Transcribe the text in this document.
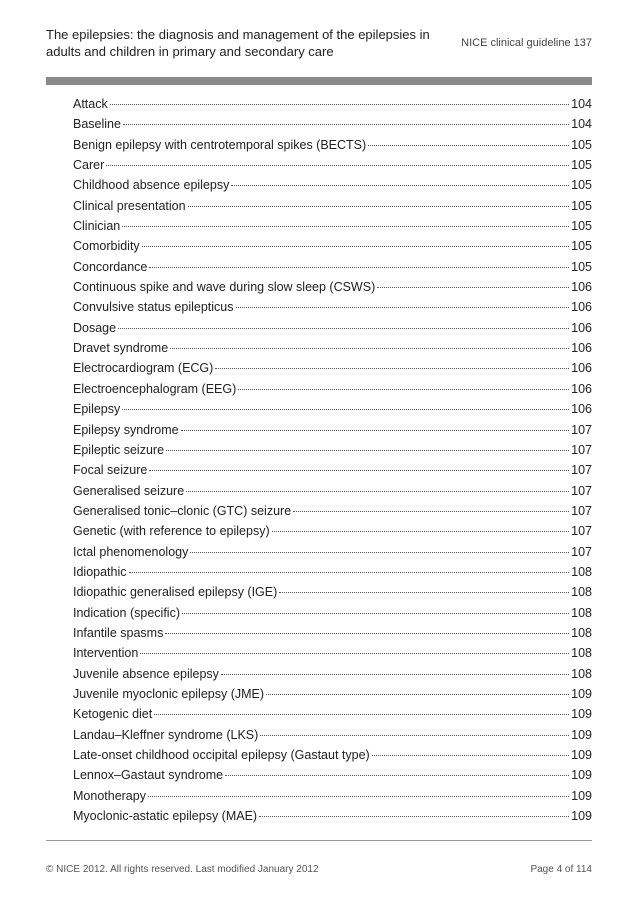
The epilepsies: the diagnosis and management of the epilepsies in adults and children in primary and secondary care
NICE clinical guideline 137
Attack	104
Baseline	104
Benign epilepsy with centrotemporal spikes (BECTS)	105
Carer	105
Childhood absence epilepsy	105
Clinical presentation	105
Clinician	105
Comorbidity	105
Concordance	105
Continuous spike and wave during slow sleep (CSWS)	106
Convulsive status epilepticus	106
Dosage	106
Dravet syndrome	106
Electrocardiogram (ECG)	106
Electroencephalogram (EEG)	106
Epilepsy	106
Epilepsy syndrome	107
Epileptic seizure	107
Focal seizure	107
Generalised seizure	107
Generalised tonic–clonic (GTC) seizure	107
Genetic (with reference to epilepsy)	107
Ictal phenomenology	107
Idiopathic	108
Idiopathic generalised epilepsy (IGE)	108
Indication (specific)	108
Infantile spasms	108
Intervention	108
Juvenile absence epilepsy	108
Juvenile myoclonic epilepsy (JME)	109
Ketogenic diet	109
Landau–Kleffner syndrome (LKS)	109
Late-onset childhood occipital epilepsy (Gastaut type)	109
Lennox–Gastaut syndrome	109
Monotherapy	109
Myoclonic-astatic epilepsy (MAE)	109
© NICE 2012. All rights reserved. Last modified January 2012	Page 4 of 114
